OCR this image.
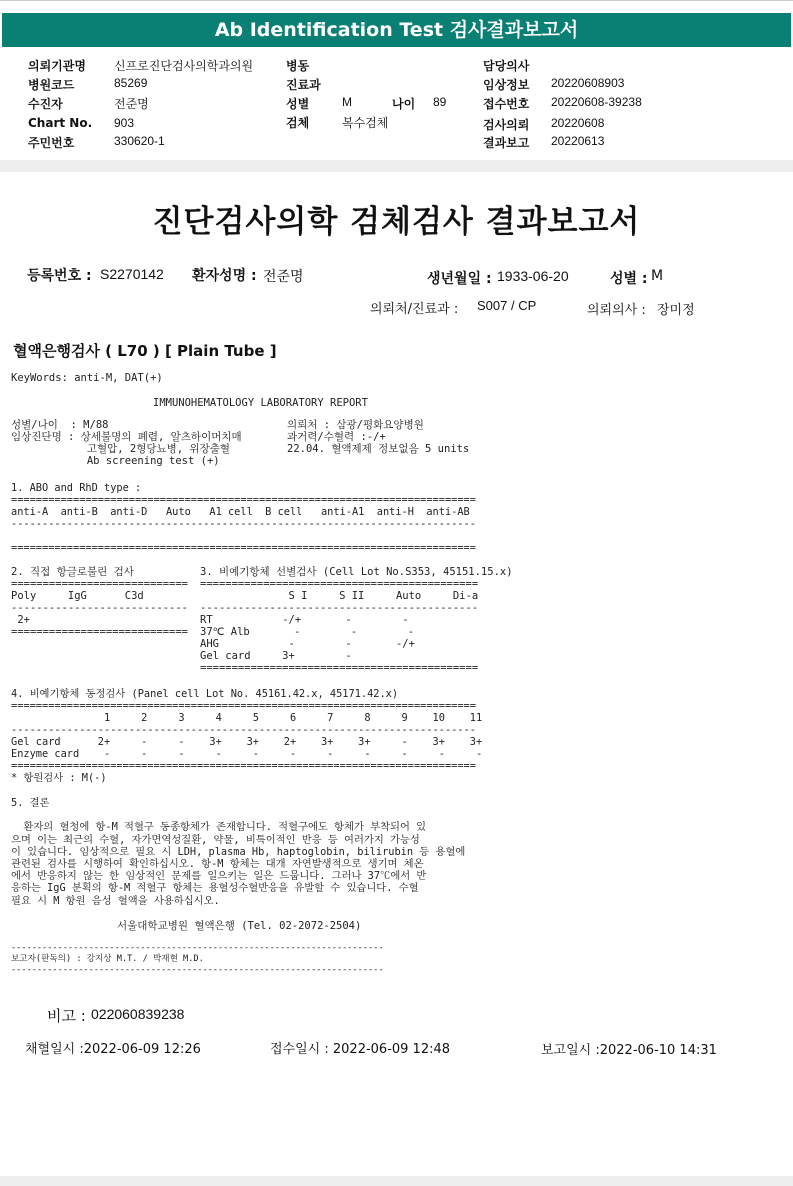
Ab Identification Test 검사결과보고서
의뢰기관명 신프로진단검사의학과의원
병원코드	85269
수진자	전준명
Chart No. 903
주민번호	330620-1
병동
진료과
성별	M	나이 89
검체	복수검체
담당의사
임상정보 20220608903
접수번호 20220608-39238
검사의뢰 20220608
결과보고 20220613
진단검사의학 검체검사 결과보고서
등록번호 : S2270142 환자성명 : 전준명	생년월일 : 1933-06-20	성별 : M
의뢰처/진료과 : S007 / CP	의뢰의사 : 장미정
혈액은행검사 ( L70 ) [ Plain Tube ]
KeyWords: anti-M, DAT(+)
IMMUNOHEMATOLOGY LABORATORY REPORT
성별/나이  : M/88
임상진단명 : 상세불명의 폐렴, 알츠하이머치매
고혈압, 2형당뇨병, 위장출혈
Ab screening test (+)
의뢰처 : 삼광/평화요양병원
과거력/수혈력 :-/+
22.04. 혈액제제 정보없음 5 units
1. ABO and RhD type :
===========================================================================
anti-A  anti-B  anti-D   Auto   A1 cell  B cell   anti-A1  anti-H  anti-AB
---------------------------------------------------------------------------

===========================================================================
2. 직접 항글로불린 검사
============================
Poly     IgG      C3d
----------------------------
2+
============================
3. 비예기항체 선별검사 (Cell Lot No.S353, 45151.15.x)
============================================
S I     S II     Auto     Di-a
--------------------------------------------
RT           -/+       -        -
37℃ Alb       -        -        -
AHG           -        -       -/+
Gel card     3+        -
============================================
4. 비예기항체 동정검사 (Panel cell Lot No. 45161.42.x, 45171.42.x)
===========================================================================
1     2     3     4     5     6     7     8     9    10    11
---------------------------------------------------------------------------
Gel card      2+     -     -    3+    3+    2+    3+    3+     -    3+    3+
Enzyme card    -     -     -     -     -     -     -     -     -     -     -
===========================================================================
* 항원검사 : M(-)
5. 결론

환자의 혈청에 항-M 적혈구 동종항체가 존재합니다. 적혈구에도 항체가 부착되어 있
으며 이는 최근의 수혈, 자가면역성질환, 약물, 비특이적인 반응 등 여러가지 가능성
이 있습니다. 임상적으로 필요 시 LDH, plasma Hb, haptoglobin, bilirubin 등 용혈에
관련된 검사를 시행하여 확인하십시오. 항-M 항체는 대개 자연발생적으로 생기며 체온
에서 반응하지 않는 한 임상적인 문제를 일으키는 일은 드뭅니다. 그러나 37℃에서 반
응하는 IgG 분획의 항-M 적혈구 항체는 용혈성수혈반응을 유발할 수 있습니다. 수혈
필요 시 M 항원 음성 혈액을 사용하십시오.
서울대학교병원 혈액은행 (Tel. 02-2072-2504)
------------------------------------------------------------------------
보고자(판독의) : 강지상 M.T. / 박재현 M.D.
------------------------------------------------------------------------
비고 : 022060839238
채혈일시 :2022-06-09 12:26	접수일시 : 2022-06-09 12:48	보고일시 :2022-06-10 14:31
